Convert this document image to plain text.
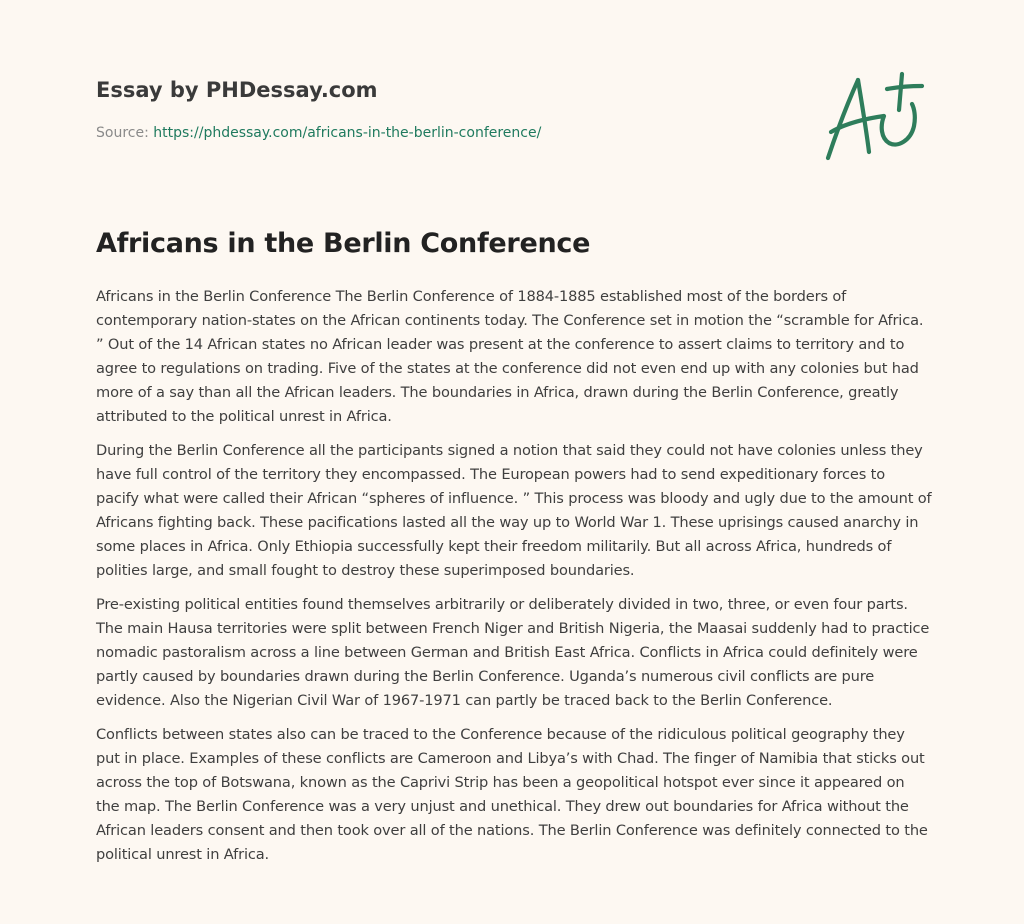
Essay by PHDessay.com
Source: https://phdessay.com/africans-in-the-berlin-conference/
Africans in the Berlin Conference

Africans in the Berlin Conference The Berlin Conference of 1884-1885 established most of the borders of contemporary nation-states on the African continents today. The Conference set in motion the “scramble for Africa. ” Out of the 14 African states no African leader was present at the conference to assert claims to territory and to agree to regulations on trading. Five of the states at the conference did not even end up with any colonies but had more of a say than all the African leaders. The boundaries in Africa, drawn during the Berlin Conference, greatly attributed to the political unrest in Africa.

During the Berlin Conference all the participants signed a notion that said they could not have colonies unless they have full control of the territory they encompassed. The European powers had to send expeditionary forces to pacify what were called their African “spheres of influence. ” This process was bloody and ugly due to the amount of Africans fighting back. These pacifications lasted all the way up to World War 1. These uprisings caused anarchy in some places in Africa. Only Ethiopia successfully kept their freedom militarily. But all across Africa, hundreds of polities large, and small fought to destroy these superimposed boundaries.

Pre-existing political entities found themselves arbitrarily or deliberately divided in two, three, or even four parts. The main Hausa territories were split between French Niger and British Nigeria, the Maasai suddenly had to practice nomadic pastoralism across a line between German and British East Africa. Conflicts in Africa could definitely were partly caused by boundaries drawn during the Berlin Conference. Uganda’s numerous civil conflicts are pure evidence. Also the Nigerian Civil War of 1967-1971 can partly be traced back to the Berlin Conference.

Conflicts between states also can be traced to the Conference because of the ridiculous political geography they put in place. Examples of these conflicts are Cameroon and Libya’s with Chad. The finger of Namibia that sticks out across the top of Botswana, known as the Caprivi Strip has been a geopolitical hotspot ever since it appeared on the map. The Berlin Conference was a very unjust and unethical. They drew out boundaries for Africa without the African leaders consent and then took over all of the nations. The Berlin Conference was definitely connected to the political unrest in Africa.
